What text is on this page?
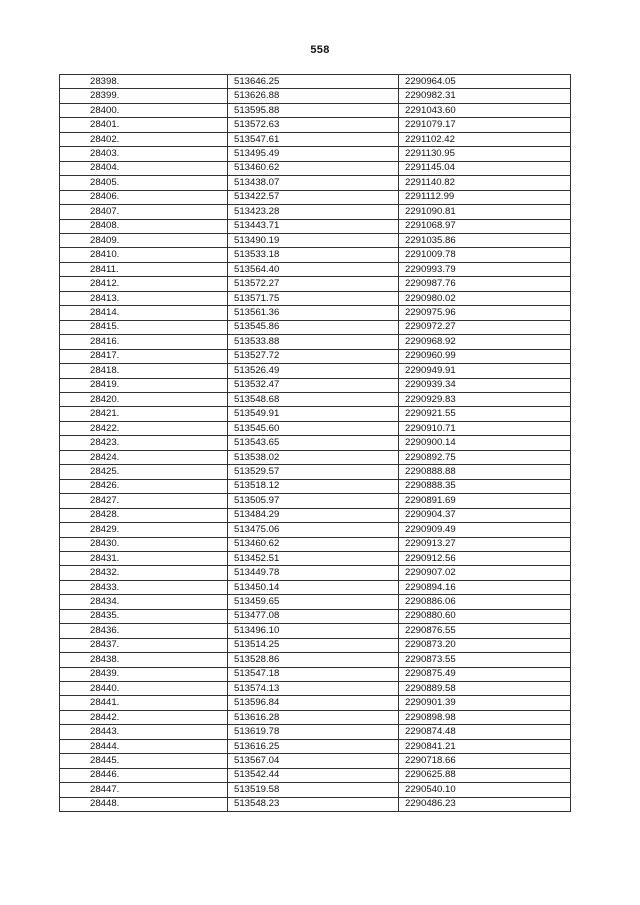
558
28398.	513646.25	2290964.05
28399.	513626.88	2290982.31
28400.	513595.88	2291043.60
28401.	513572.63	2291079.17
28402.	513547.61	2291102.42
28403.	513495.49	2291130.95
28404.	513460.62	2291145.04
28405.	513438.07	2291140.82
28406.	513422.57	2291112.99
28407.	513423.28	2291090.81
28408.	513443.71	2291068.97
28409.	513490.19	2291035.86
28410.	513533.18	2291009.78
28411.	513564.40	2290993.79
28412.	513572.27	2290987.76
28413.	513571.75	2290980.02
28414.	513561.36	2290975.96
28415.	513545.86	2290972.27
28416.	513533.88	2290968.92
28417.	513527.72	2290960.99
28418.	513526.49	2290949.91
28419.	513532.47	2290939.34
28420.	513548.68	2290929.83
28421.	513549.91	2290921.55
28422.	513545.60	2290910.71
28423.	513543.65	2290900.14
28424.	513538.02	2290892.75
28425.	513529.57	2290888.88
28426.	513518.12	2290888.35
28427.	513505.97	2290891.69
28428.	513484.29	2290904.37
28429.	513475.06	2290909.49
28430.	513460.62	2290913.27
28431.	513452.51	2290912.56
28432.	513449.78	2290907.02
28433.	513450.14	2290894.16
28434.	513459.65	2290886.06
28435.	513477.08	2290880.60
28436.	513496.10	2290876.55
28437.	513514.25	2290873.20
28438.	513528.86	2290873.55
28439.	513547.18	2290875.49
28440.	513574.13	2290889.58
28441.	513596.84	2290901.39
28442.	513616.28	2290898.98
28443.	513619.78	2290874.48
28444.	513616.25	2290841.21
28445.	513567.04	2290718.66
28446.	513542.44	2290625.88
28447.	513519.58	2290540.10
28448.	513548.23	2290486.23
